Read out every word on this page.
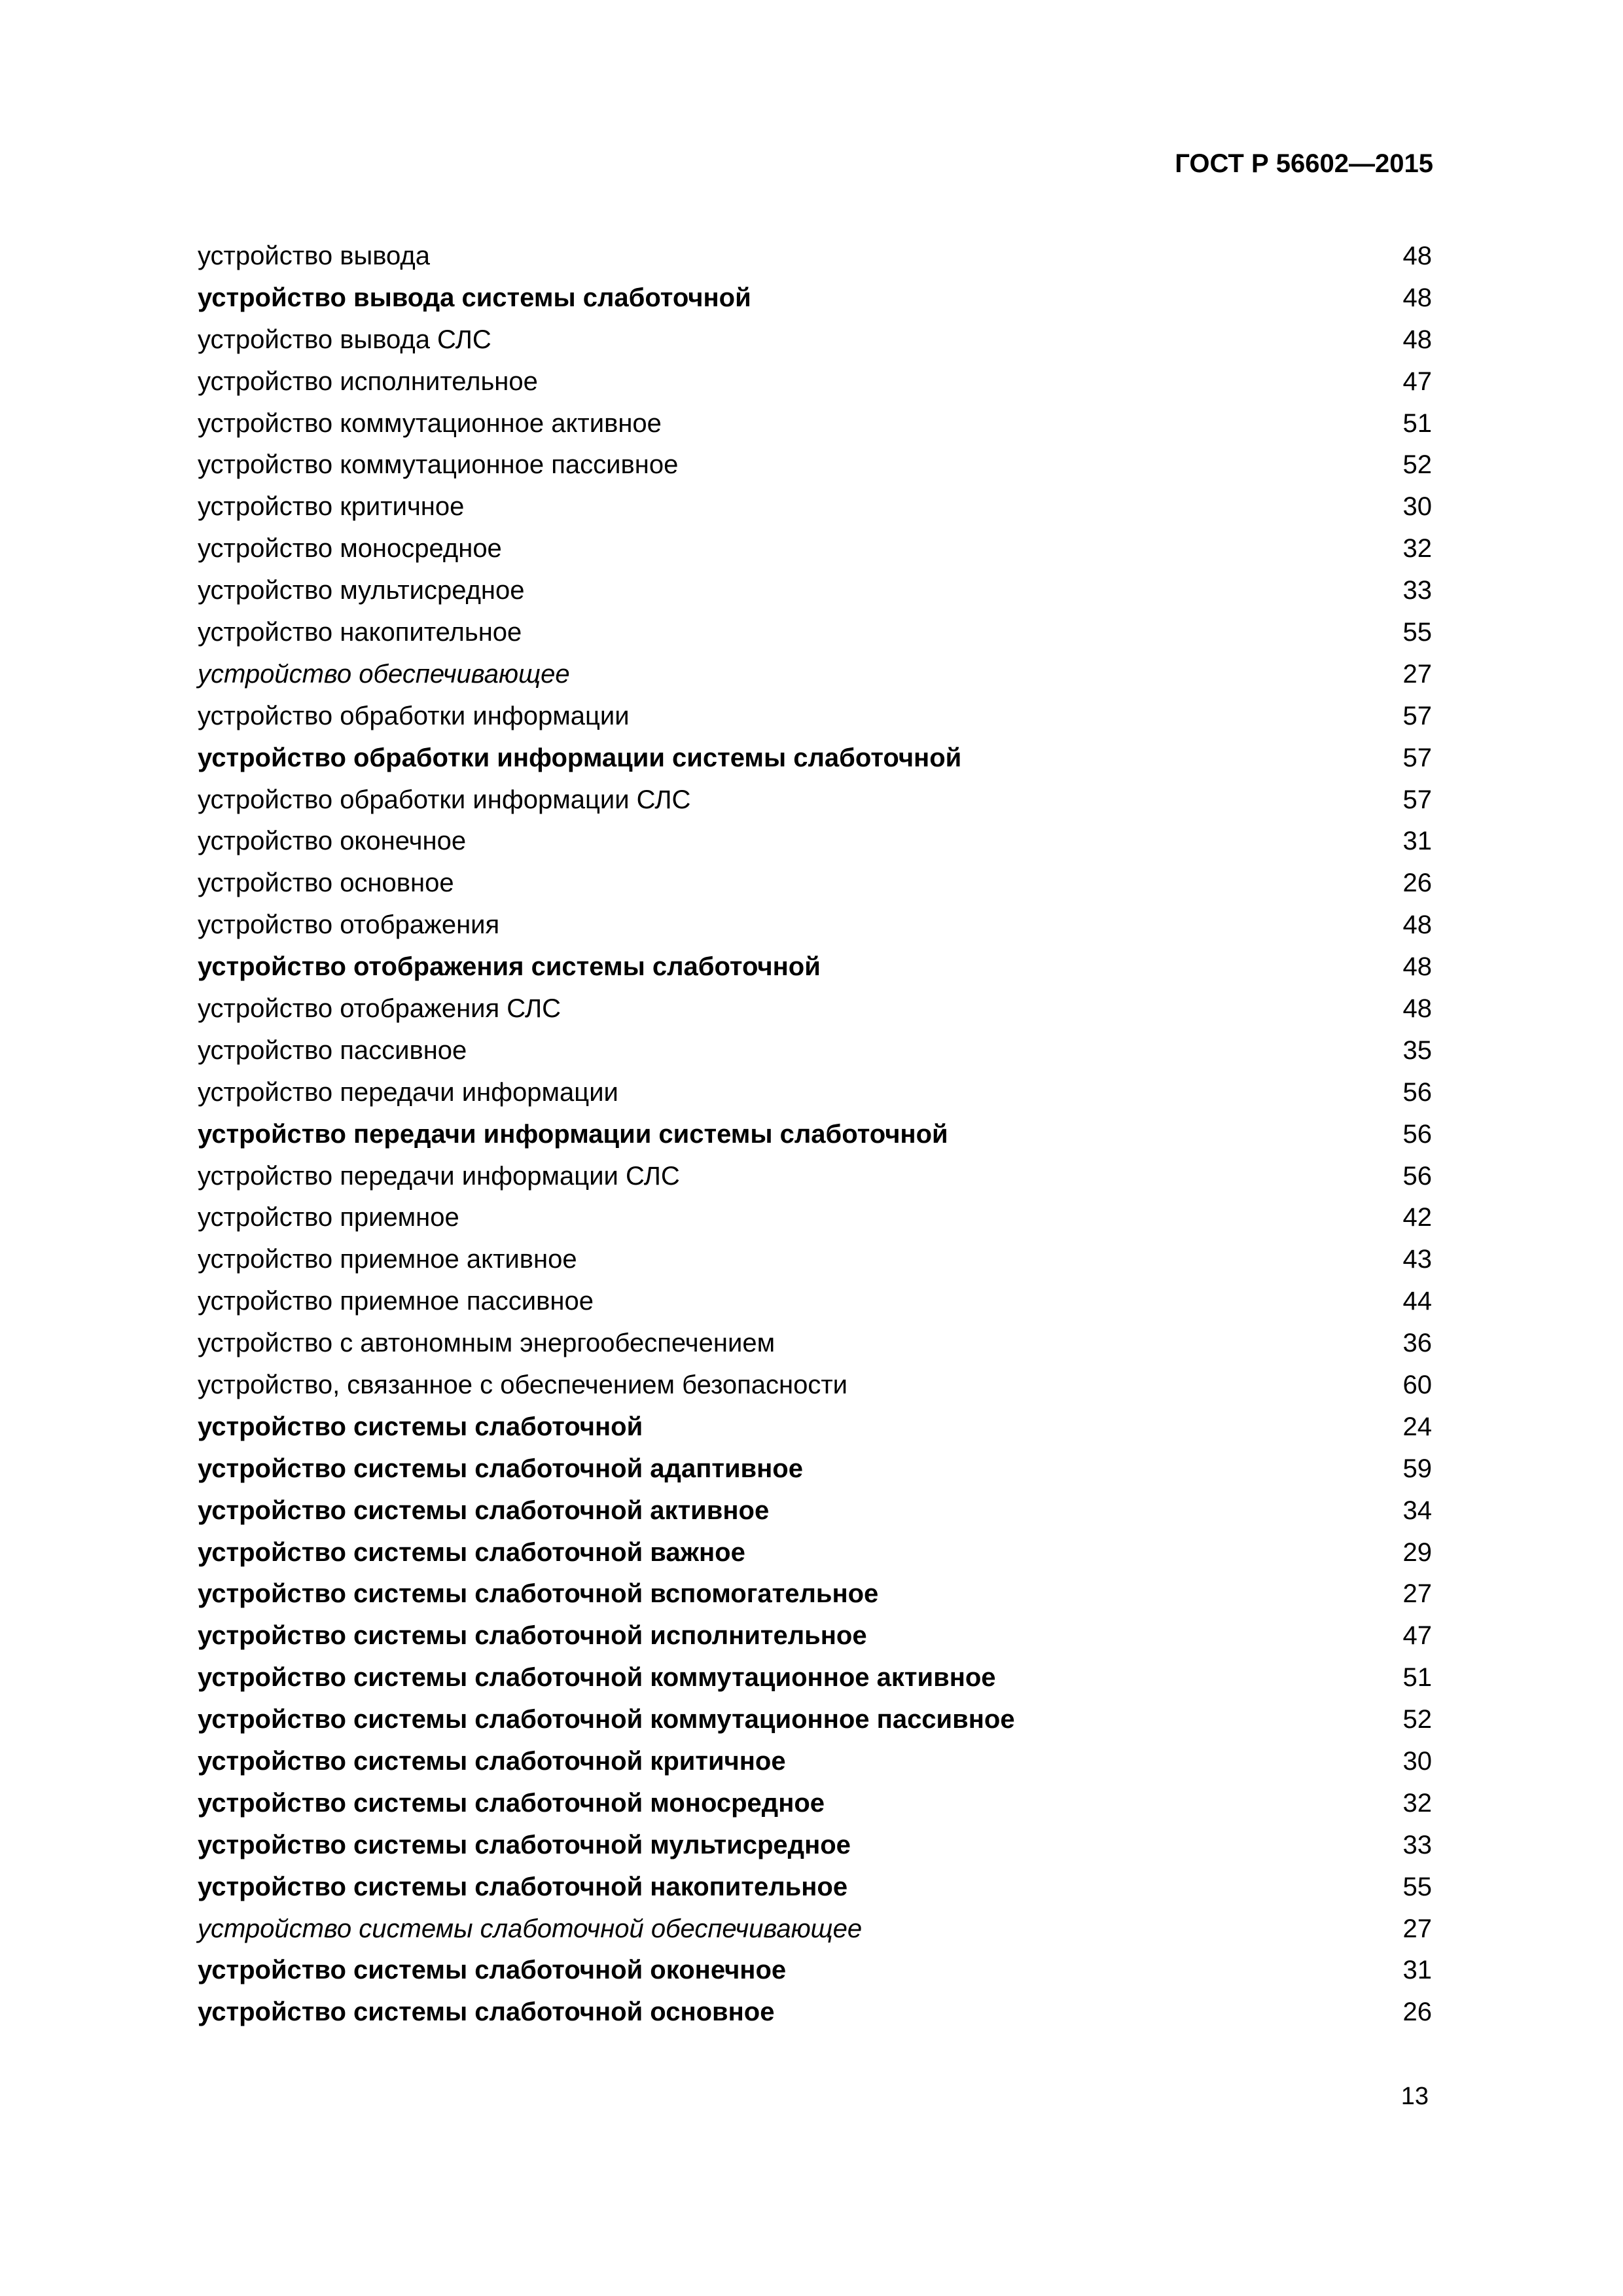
ГОСТ Р 56602—2015
устройство вывода	48
устройство вывода системы слаботочной	48
устройство вывода СЛС	48
устройство исполнительное	47
устройство коммутационное активное	51
устройство коммутационное пассивное	52
устройство критичное	30
устройство моносредное	32
устройство мультисредное	33
устройство накопительное	55
устройство обеспечивающее	27
устройство обработки информации	57
устройство обработки информации системы слаботочной	57
устройство обработки информации СЛС	57
устройство оконечное	31
устройство основное	26
устройство отображения	48
устройство отображения системы слаботочной	48
устройство отображения СЛС	48
устройство пассивное	35
устройство передачи информации	56
устройство передачи информации системы слаботочной	56
устройство передачи информации СЛС	56
устройство приемное	42
устройство приемное активное	43
устройство приемное пассивное	44
устройство с автономным энергообеспечением	36
устройство, связанное с обеспечением безопасности	60
устройство системы слаботочной	24
устройство системы слаботочной адаптивное	59
устройство системы слаботочной активное	34
устройство системы слаботочной важное	29
устройство системы слаботочной вспомогательное	27
устройство системы слаботочной исполнительное	47
устройство системы слаботочной коммутационное активное	51
устройство системы слаботочной коммутационное пассивное	52
устройство системы слаботочной критичное	30
устройство системы слаботочной моносредное	32
устройство системы слаботочной мультисредное	33
устройство системы слаботочной накопительное	55
устройство системы слаботочной обеспечивающее	27
устройство системы слаботочной оконечное	31
устройство системы слаботочной основное	26
13
